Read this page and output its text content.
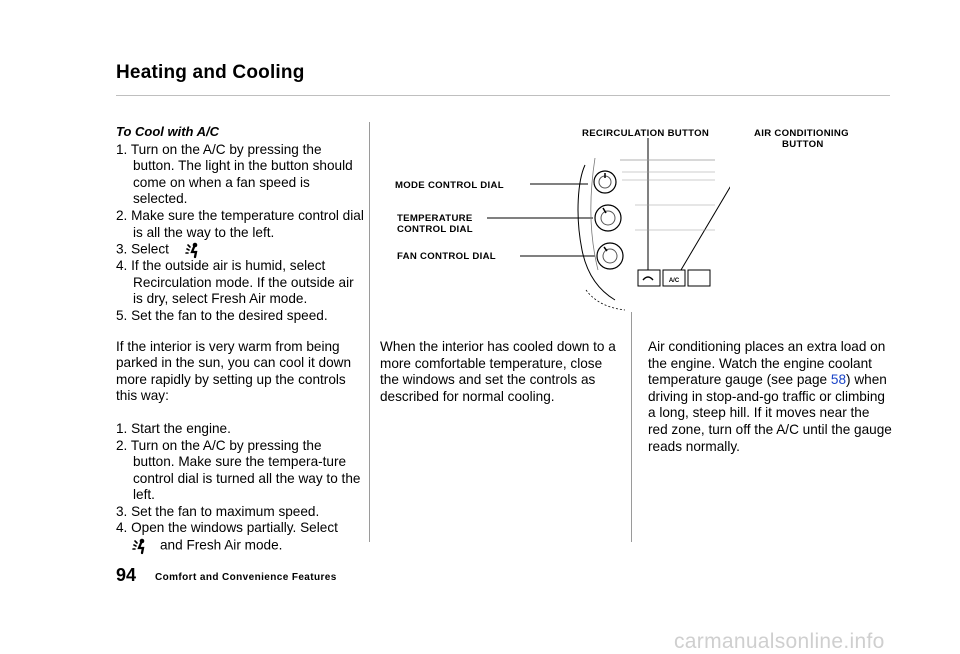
Heating and Cooling
To Cool with A/C

1. Turn on the A/C by pressing the button. The light in the button should come on when a fan speed is selected.

2. Make sure the temperature control dial is all the way to the left.

3. Select

4. If the outside air is humid, select Recirculation mode. If the outside air is dry, select Fresh Air mode.

5. Set the fan to the desired speed.

If the interior is very warm from being parked in the sun, you can cool it down more rapidly by setting up the controls this way:

1. Start the engine.

2. Turn on the A/C by pressing the button. Make sure the tempera-ture control dial is turned all the way to the left.

3. Set the fan to maximum speed.

4. Open the windows partially. Select

and Fresh Air mode.

RECIRCULATION BUTTON	AIR CONDITIONING
BUTTON
MODE CONTROL DIAL
TEMPERATURE
CONTROL DIAL
FAN CONTROL DIAL
A/C
When the interior has cooled down to a more comfortable temperature, close the windows and set the controls as described for normal cooling.
Air conditioning places an extra load on the engine. Watch the engine coolant temperature gauge (see page 58) when driving in stop-and-go traffic or climbing a long, steep hill. If it moves near the red zone, turn off the A/C until the gauge reads normally.
94 Comfort and Convenience Features
carmanualsonline.info
